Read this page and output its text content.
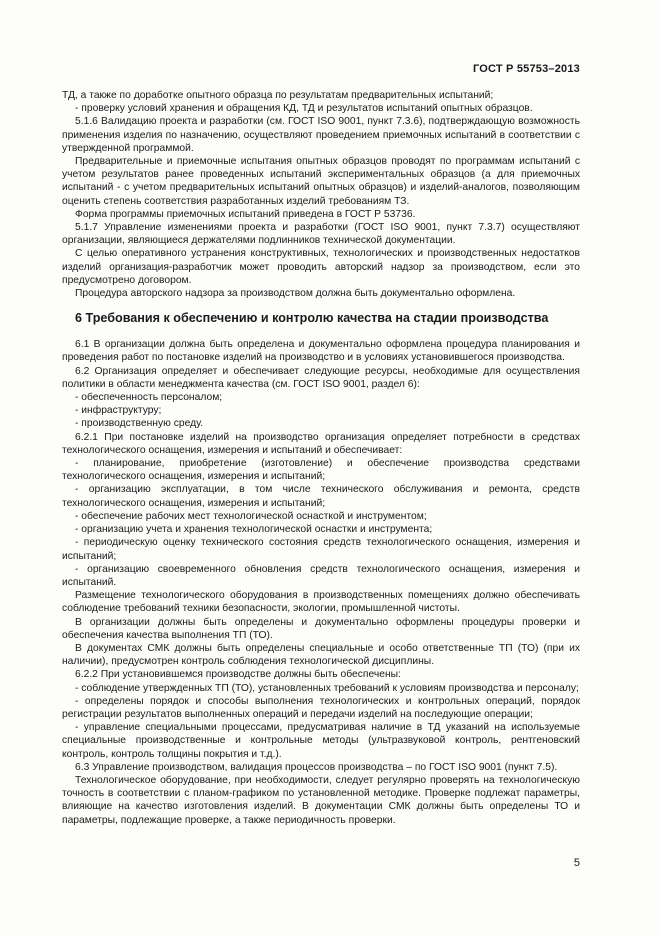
ГОСТ Р 55753–2013

ТД, а также по доработке опытного образца по результатам предварительных испытаний;

- проверку условий хранения и обращения КД, ТД и результатов испытаний опытных образцов.

5.1.6 Валидацию проекта и разработки (см. ГОСТ ISO 9001, пункт 7.3.6), подтверждающую возможность применения изделия по назначению, осуществляют проведением приемочных испытаний в соответствии с утвержденной программой.

Предварительные и приемочные испытания опытных образцов проводят по программам испытаний с учетом результатов ранее проведенных испытаний экспериментальных образцов (а для приемочных испытаний - с учетом предварительных испытаний опытных образцов) и изделий-аналогов, позволяющим оценить степень соответствия разработанных изделий требованиям ТЗ.

Форма программы приемочных испытаний приведена в ГОСТ Р 53736.

5.1.7 Управление изменениями проекта и разработки (ГОСТ ISO 9001, пункт 7.3.7) осуществляют организации, являющиеся держателями подлинников технической документации.

С целью оперативного устранения конструктивных, технологических и производственных недостатков изделий организация-разработчик может проводить авторский надзор за производством, если это предусмотрено договором.

Процедура авторского надзора за производством должна быть документально оформлена.

6 Требования к обеспечению и контролю качества на стадии производства

6.1 В организации должна быть определена и документально оформлена процедура планирования и проведения работ по постановке изделий на производство и в условиях установившегося производства.

6.2 Организация определяет и обеспечивает следующие ресурсы, необходимые для осуществления политики в области менеджмента качества (см. ГОСТ ISO 9001, раздел 6):

- обеспеченность персоналом;

- инфраструктуру;

- производственную среду.

6.2.1 При постановке изделий на производство организация определяет потребности в средствах технологического оснащения, измерения и испытаний и обеспечивает:

- планирование, приобретение (изготовление) и обеспечение производства средствами технологического оснащения, измерения и испытаний;

- организацию эксплуатации, в том числе технического обслуживания и ремонта, средств технологического оснащения, измерения и испытаний;

- обеспечение рабочих мест технологической оснасткой и инструментом;

- организацию учета и хранения технологической оснастки и инструмента;

- периодическую оценку технического состояния средств технологического оснащения, измерения и испытаний;

- организацию своевременного обновления средств технологического оснащения, измерения и испытаний.

Размещение технологического оборудования в производственных помещениях должно обеспечивать соблюдение требований техники безопасности, экологии, промышленной чистоты.

В организации должны быть определены и документально оформлены процедуры проверки и обеспечения качества выполнения ТП (ТО).

В документах СМК должны быть определены специальные и особо ответственные ТП (ТО) (при их наличии), предусмотрен контроль соблюдения технологической дисциплины.

6.2.2 При установившемся производстве должны быть обеспечены:

- соблюдение утвержденных ТП (ТО), установленных требований к условиям производства и персоналу;

- определены порядок и способы выполнения технологических и контрольных операций, порядок регистрации результатов выполненных операций и передачи изделий на последующие операции;

- управление специальными процессами, предусматривая наличие в ТД указаний на используемые специальные производственные и контрольные методы (ультразвуковой контроль, рентгеновский контроль, контроль толщины покрытия и т.д.).

6.3 Управление производством, валидация процессов производства – по ГОСТ ISO 9001 (пункт 7.5).

Технологическое оборудование, при необходимости, следует регулярно проверять на технологическую точность в соответствии с планом-графиком по установленной методике. Проверке подлежат параметры, влияющие на качество изготовления изделий. В документации СМК должны быть определены ТО и параметры, подлежащие проверке, а также периодичность проверки.

5
